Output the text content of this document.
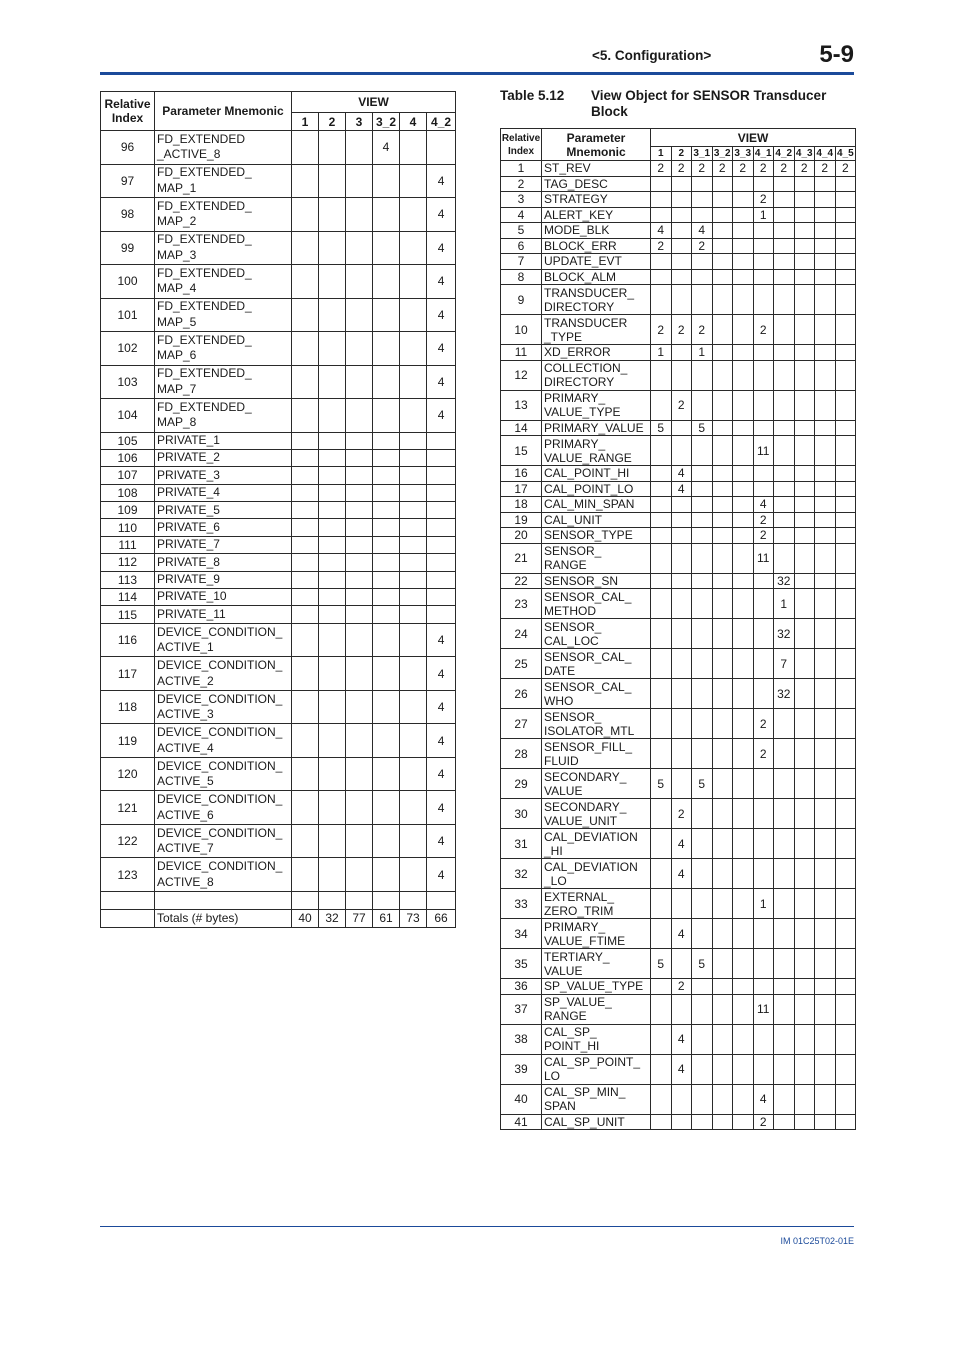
<5. Configuration>	5-9
Relative Index	Parameter Mnemonic	VIEW					
		1	2	3	3_2	4	4_2
96	FD_EXTENDED
_ACTIVE_8				4		
97	FD_EXTENDED_
MAP_1						4
98	FD_EXTENDED_
MAP_2						4
99	FD_EXTENDED_
MAP_3						4
100	FD_EXTENDED_
MAP_4						4
101	FD_EXTENDED_
MAP_5						4
102	FD_EXTENDED_
MAP_6						4
103	FD_EXTENDED_
MAP_7						4
104	FD_EXTENDED_
MAP_8						4
105	PRIVATE_1						
106	PRIVATE_2						
107	PRIVATE_3						
108	PRIVATE_4						
109	PRIVATE_5						
110	PRIVATE_6						
111	PRIVATE_7						
112	PRIVATE_8						
113	PRIVATE_9						
114	PRIVATE_10						
115	PRIVATE_11						
116	DEVICE_CONDITION_
ACTIVE_1						4
117	DEVICE_CONDITION_
ACTIVE_2						4
118	DEVICE_CONDITION_
ACTIVE_3						4
119	DEVICE_CONDITION_
ACTIVE_4						4
120	DEVICE_CONDITION_
ACTIVE_5						4
121	DEVICE_CONDITION_
ACTIVE_6						4
122	DEVICE_CONDITION_
ACTIVE_7						4
123	DEVICE_CONDITION_
ACTIVE_8						4

	Totals (# bytes)	40	32	77	61	73	66
Table 5.12 View Object for SENSOR Transducer Block
Relative Index	Parameter Mnemonic	VIEW									
		1	2	3_1	3_2	3_3	4_1	4_2	4_3	4_4	4_5
1	ST_REV	2	2	2	2	2	2	2	2	2	2
2	TAG_DESC										
3	STRATEGY						2				
4	ALERT_KEY						1				
5	MODE_BLK	4		4							
6	BLOCK_ERR	2		2							
7	UPDATE_EVT										
8	BLOCK_ALM										
9	TRANSDUCER_
DIRECTORY										
10	TRANSDUCER
_TYPE	2	2	2			2				
11	XD_ERROR	1		1							
12	COLLECTION_
DIRECTORY										
13	PRIMARY_
VALUE_TYPE		2								
14	PRIMARY_VALUE	5		5							
15	PRIMARY_
VALUE_RANGE						11				
16	CAL_POINT_HI		4								
17	CAL_POINT_LO		4								
18	CAL_MIN_SPAN						4				
19	CAL_UNIT						2				
20	SENSOR_TYPE						2				
21	SENSOR_
RANGE						11				
22	SENSOR_SN							32			
23	SENSOR_CAL_
METHOD							1			
24	SENSOR_
CAL_LOC							32			
25	SENSOR_CAL_
DATE							7			
26	SENSOR_CAL_
WHO							32			
27	SENSOR_
ISOLATOR_MTL						2				
28	SENSOR_FILL_
FLUID						2				
29	SECONDARY_
VALUE	5		5							
30	SECONDARY_
VALUE_UNIT		2								
31	CAL_DEVIATION
_HI		4								
32	CAL_DEVIATION
_LO		4								
33	EXTERNAL_
ZERO_TRIM						1				
34	PRIMARY_
VALUE_FTIME		4								
35	TERTIARY_
VALUE	5		5							
36	SP_VALUE_TYPE		2								
37	SP_VALUE_
RANGE						11				
38	CAL_SP_
POINT_HI		4								
39	CAL_SP_POINT_
LO		4								
40	CAL_SP_MIN_
SPAN						4				
41	CAL_SP_UNIT						2				
IM 01C25T02-01E
